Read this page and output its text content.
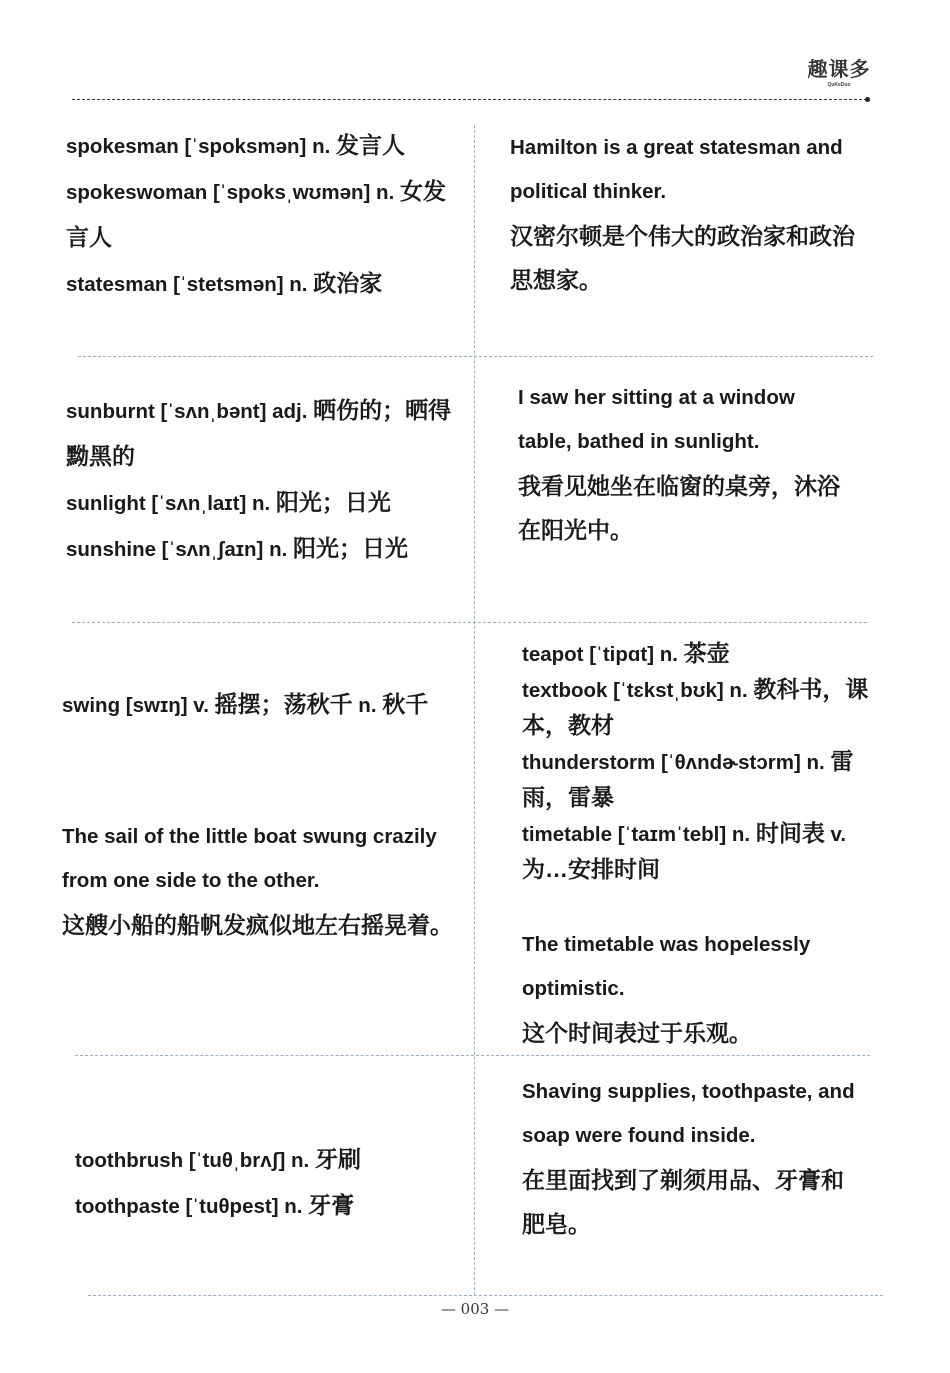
趣课多
QuKeDuo

spokesman [ˈspoksmən] n. 发言人

spokeswoman [ˈspoksˌwʊmən] n. 女发言人

statesman [ˈstetsmən] n. 政治家

Hamilton is a great statesman and political thinker.

汉密尔顿是个伟大的政治家和政治思想家。

sunburnt [ˈsʌnˌbənt] adj. 晒伤的；晒得黝黑的

sunlight [ˈsʌnˌlaɪt] n. 阳光；日光

sunshine [ˈsʌnˌʃaɪn] n. 阳光；日光

I saw her sitting at a window table, bathed in sunlight.

我看见她坐在临窗的桌旁，沐浴在阳光中。

swing [swɪŋ] v. 摇摆；荡秋千 n. 秋千

The sail of the little boat swung crazily from one side to the other.

这艘小船的船帆发疯似地左右摇晃着。

teapot [ˈtipɑt] n. 茶壶

textbook [ˈtɛkstˌbʊk] n. 教科书，课本，教材

thunderstorm [ˈθʌndɚstɔrm] n. 雷雨，雷暴

timetable [ˈtaɪmˈtebl] n. 时间表 v. 为…安排时间

The timetable was hopelessly optimistic.

这个时间表过于乐观。

toothbrush [ˈtuθˌbrʌʃ] n. 牙刷

toothpaste [ˈtuθpest] n. 牙膏

Shaving supplies, toothpaste, and soap were found inside.

在里面找到了剃须用品、牙膏和肥皂。

— 003 —
